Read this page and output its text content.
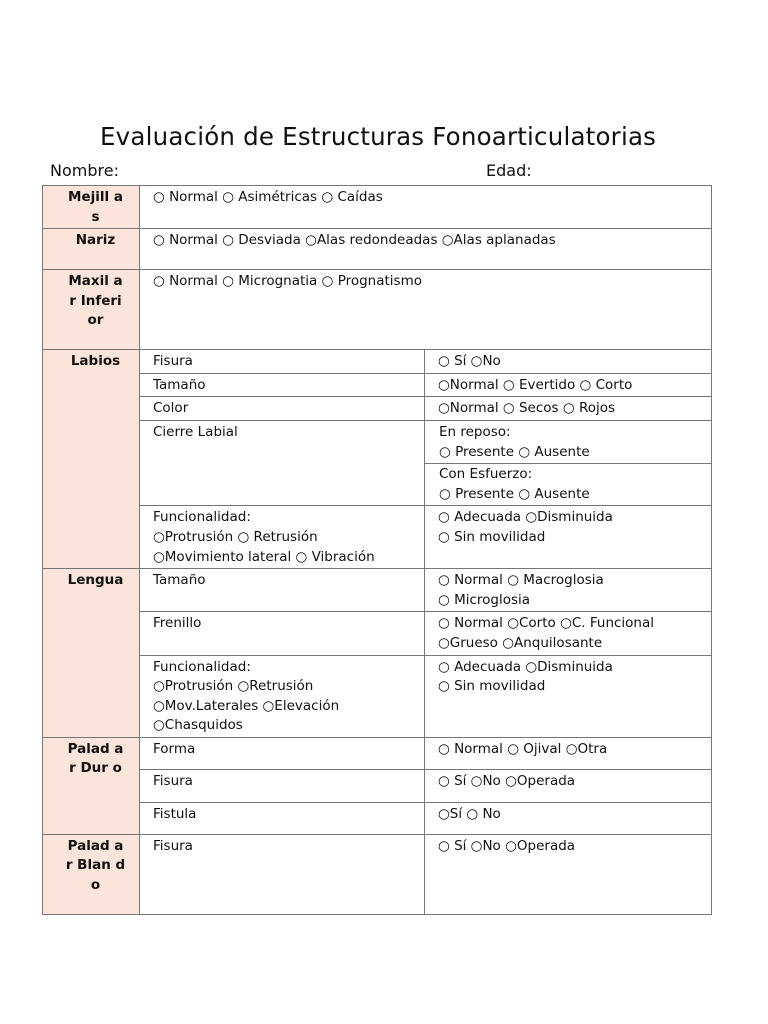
Evaluación de Estructuras Fonoarticulatorias
Nombre:	Edad:
Mejill as	○ Normal ○ Asimétricas ○ Caídas	
Nariz	○ Normal ○ Desviada ○Alas redondeadas ○Alas aplanadas	
Maxil ar Inferi or	○ Normal ○ Micrognatia ○ Prognatismo	
Labios	Fisura	○ Sí ○No
	Tamaño	○Normal ○ Evertido ○ Corto
	Color	○Normal ○ Secos ○ Rojos
	Cierre Labial	En reposo:
○ Presente ○ Ausente
Con Esfuerzo:
○ Presente ○ Ausente

	Funcionalidad:
○Protrusión ○ Retrusión
○Movimiento lateral ○ Vibración	○ Adecuada ○Disminuida
○ Sin movilidad

Lengua	Tamaño	○ Normal ○ Macroglosia
○ Microglosia

	Frenillo	○ Normal ○Corto ○C. Funcional
○Grueso ○Anquilosante

	Funcionalidad:
○Protrusión ○Retrusión
○Mov.Laterales ○Elevación
○Chasquidos	○ Adecuada ○Disminuida
○ Sin movilidad

Palad ar Dur o	Forma	○ Normal ○ Ojival ○Otra
	Fisura	○ Sí ○No ○Operada
	Fistula	○Sí ○ No
Palad ar Blan do	Fisura	○ Sí ○No ○Operada
